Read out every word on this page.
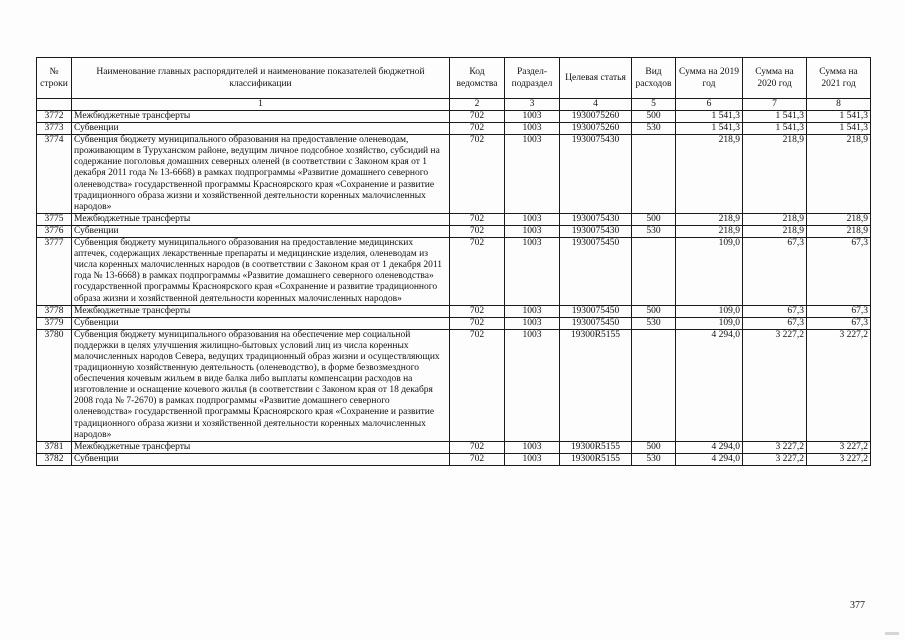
№ строки	Наименование главных распорядителей и наименование показателей бюджетной классификации	Код ведомства	Раздел-подраздел	Целевая статья	Вид расходов	Сумма на 2019 год	Сумма на 2020 год	Сумма на 2021 год
	1	2	3	4	5	6	7	8
3772	Межбюджетные трансферты	702	1003	1930075260	500	1 541,3	1 541,3	1 541,3
3773	Субвенции	702	1003	1930075260	530	1 541,3	1 541,3	1 541,3
3774	Субвенция бюджету муниципального образования на предоставление оленеводам, проживающим в Туруханском районе, ведущим личное подсобное хозяйство, субсидий на содержание поголовья домашних северных оленей (в соответствии с Законом края от 1 декабря 2011 года № 13-6668) в рамках подпрограммы «Развитие домашнего северного оленеводства» государственной программы Красноярского края «Сохранение и развитие традиционного образа жизни и хозяйственной деятельности коренных малочисленных народов»	702	1003	1930075430		218,9	218,9	218,9
3775	Межбюджетные трансферты	702	1003	1930075430	500	218,9	218,9	218,9
3776	Субвенции	702	1003	1930075430	530	218,9	218,9	218,9
3777	Субвенция бюджету муниципального образования на предоставление медицинских аптечек, содержащих лекарственные препараты и медицинские изделия, оленеводам из числа коренных малочисленных народов (в соответствии с Законом края от 1 декабря 2011 года № 13-6668) в рамках подпрограммы «Развитие домашнего северного оленеводства» государственной программы Красноярского края «Сохранение и развитие традиционного образа жизни и хозяйственной деятельности коренных малочисленных народов»	702	1003	1930075450		109,0	67,3	67,3
3778	Межбюджетные трансферты	702	1003	1930075450	500	109,0	67,3	67,3
3779	Субвенции	702	1003	1930075450	530	109,0	67,3	67,3
3780	Субвенция бюджету муниципального образования на обеспечение мер социальной поддержки в целях улучшения жилищно-бытовых условий лиц из числа коренных малочисленных народов Севера, ведущих традиционный образ жизни и осуществляющих традиционную хозяйственную деятельность (оленеводство), в форме безвозмездного обеспечения кочевым жильем в виде балка либо выплаты компенсации расходов на изготовление и оснащение кочевого жилья (в соответствии с Законом края от 18 декабря 2008 года № 7-2670) в рамках подпрограммы «Развитие домашнего северного оленеводства» государственной программы Красноярского края «Сохранение и развитие традиционного образа жизни и хозяйственной деятельности коренных малочисленных народов»	702	1003	19300R5155		4 294,0	3 227,2	3 227,2
3781	Межбюджетные трансферты	702	1003	19300R5155	500	4 294,0	3 227,2	3 227,2
3782	Субвенции	702	1003	19300R5155	530	4 294,0	3 227,2	3 227,2
377
